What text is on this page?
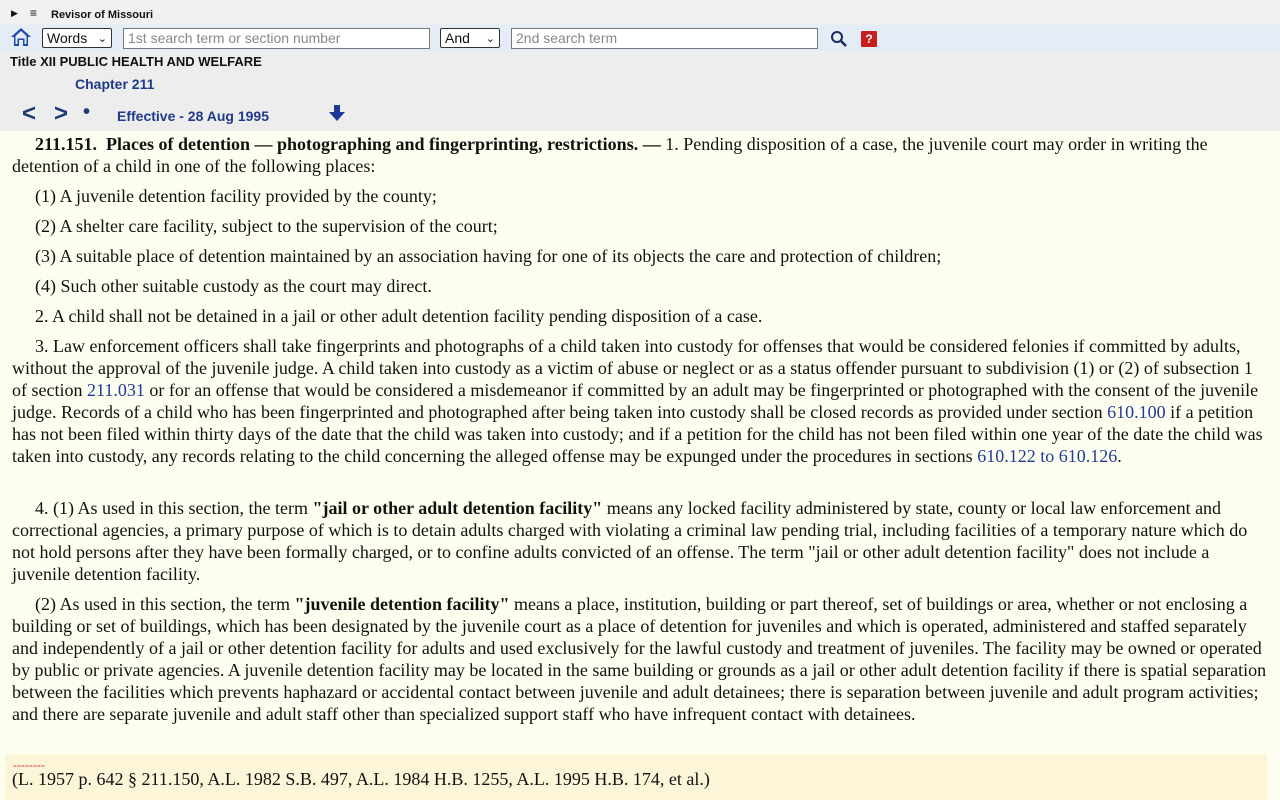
▶ ≡ Revisor of Missouri
Words ⌄	1st search term or section number	And ⌄	2nd search term	?
Title XII PUBLIC HEALTH AND WELFARE
Chapter 211
< > • Effective - 28 Aug 1995

211.151. Places of detention — photographing and fingerprinting, restrictions. — 1. Pending disposition of a case, the juvenile court may order in writing the detention of a child in one of the following places:

(1) A juvenile detention facility provided by the county;

(2) A shelter care facility, subject to the supervision of the court;

(3) A suitable place of detention maintained by an association having for one of its objects the care and protection of children;

(4) Such other suitable custody as the court may direct.

2. A child shall not be detained in a jail or other adult detention facility pending disposition of a case.

3. Law enforcement officers shall take fingerprints and photographs of a child taken into custody for offenses that would be considered felonies if committed by adults, without the approval of the juvenile judge. A child taken into custody as a victim of abuse or neglect or as a status offender pursuant to subdivision (1) or (2) of subsection 1 of section 211.031 or for an offense that would be considered a misdemeanor if committed by an adult may be fingerprinted or photographed with the consent of the juvenile judge. Records of a child who has been fingerprinted and photographed after being taken into custody shall be closed records as provided under section 610.100 if a petition has not been filed within thirty days of the date that the child was taken into custody; and if a petition for the child has not been filed within one year of the date the child was taken into custody, any records relating to the child concerning the alleged offense may be expunged under the procedures in sections 610.122 to 610.126.

4. (1) As used in this section, the term "jail or other adult detention facility" means any locked facility administered by state, county or local law enforcement and correctional agencies, a primary purpose of which is to detain adults charged with violating a criminal law pending trial, including facilities of a temporary nature which do not hold persons after they have been formally charged, or to confine adults convicted of an offense. The term "jail or other adult detention facility" does not include a juvenile detention facility.

(2) As used in this section, the term "juvenile detention facility" means a place, institution, building or part thereof, set of buildings or area, whether or not enclosing a building or set of buildings, which has been designated by the juvenile court as a place of detention for juveniles and which is operated, administered and staffed separately and independently of a jail or other detention facility for adults and used exclusively for the lawful custody and treatment of juveniles. The facility may be owned or operated by public or private agencies. A juvenile detention facility may be located in the same building or grounds as a jail or other adult detention facility if there is spatial separation between the facilities which prevents haphazard or accidental contact between juvenile and adult detainees; there is separation between juvenile and adult program activities; and there are separate juvenile and adult staff other than specialized support staff who have infrequent contact with detainees.

--------
(L. 1957 p. 642 § 211.150, A.L. 1982 S.B. 497, A.L. 1984 H.B. 1255, A.L. 1995 H.B. 174, et al.)
